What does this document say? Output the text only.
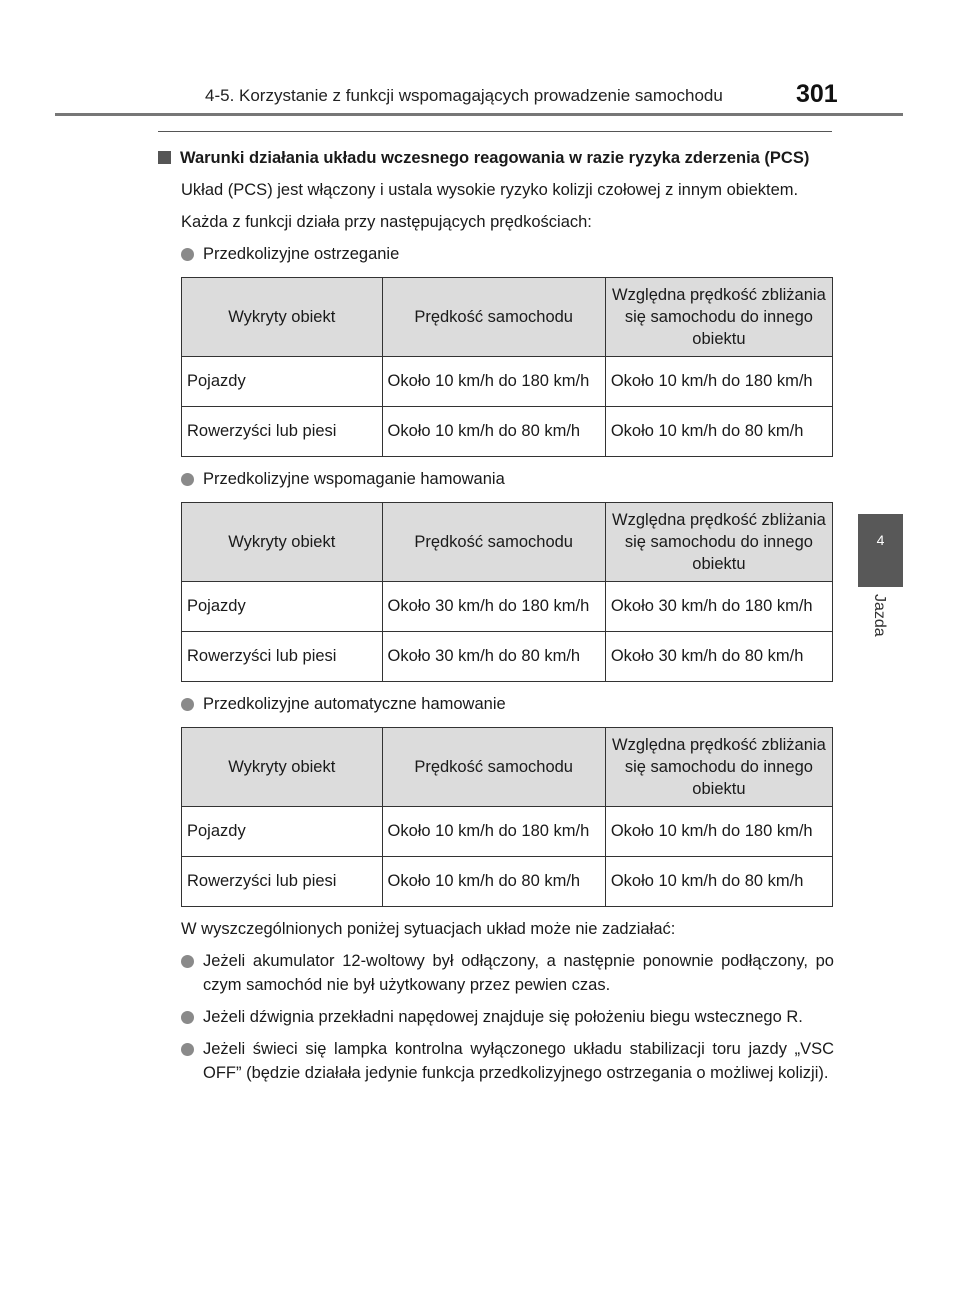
4-5. Korzystanie z funkcji wspomagających prowadzenie samochodu	301
4
Jazda
Warunki działania układu wczesnego reagowania w razie ryzyka zderzenia (PCS)
Układ (PCS) jest włączony i ustala wysokie ryzyko kolizji czołowej z innym obiektem.
Każda z funkcji działa przy następujących prędkościach:
Przedkolizyjne ostrzeganie
Wykryty obiekt	Prędkość samochodu	Względna prędkość zbliżania się samochodu do innego obiektu
Pojazdy	Około 10 km/h do 180 km/h	Około 10 km/h do 180 km/h
Rowerzyści lub piesi	Około 10 km/h do 80 km/h	Około 10 km/h do 80 km/h
Przedkolizyjne wspomaganie hamowania
Wykryty obiekt	Prędkość samochodu	Względna prędkość zbliżania się samochodu do innego obiektu
Pojazdy	Około 30 km/h do 180 km/h	Około 30 km/h do 180 km/h
Rowerzyści lub piesi	Około 30 km/h do 80 km/h	Około 30 km/h do 80 km/h
Przedkolizyjne automatyczne hamowanie
Wykryty obiekt	Prędkość samochodu	Względna prędkość zbliżania się samochodu do innego obiektu
Pojazdy	Około 10 km/h do 180 km/h	Około 10 km/h do 180 km/h
Rowerzyści lub piesi	Około 10 km/h do 80 km/h	Około 10 km/h do 80 km/h
W wyszczególnionych poniżej sytuacjach układ może nie zadziałać:
Jeżeli akumulator 12-woltowy był odłączony, a następnie ponownie podłączony, po czym samochód nie był użytkowany przez pewien czas.
Jeżeli dźwignia przekładni napędowej znajduje się położeniu biegu wstecznego R.
Jeżeli świeci się lampka kontrolna wyłączonego układu stabilizacji toru jazdy „VSC OFF” (będzie działała jedynie funkcja przedkolizyjnego ostrzegania o możliwej kolizji).
